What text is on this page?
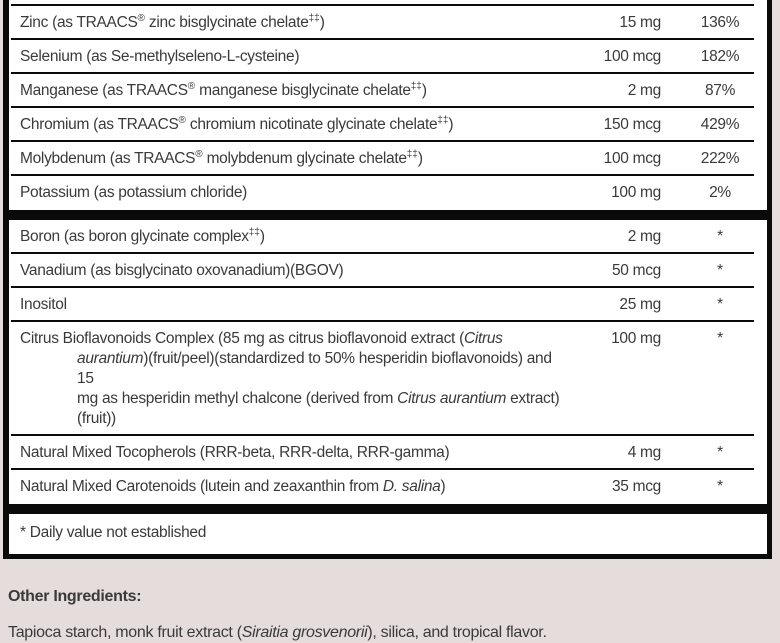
Zinc (as TRAACS® zinc bisglycinate chelate‡‡)	15 mg	136%
Selenium (as Se-methylseleno-L-cysteine)	100 mcg	182%
Manganese (as TRAACS® manganese bisglycinate chelate‡‡)	2 mg	87%
Chromium (as TRAACS® chromium nicotinate glycinate chelate‡‡)	150 mcg	429%
Molybdenum (as TRAACS® molybdenum glycinate chelate‡‡)	100 mcg	222%
Potassium (as potassium chloride)	100 mg	2%
Boron (as boron glycinate complex‡‡)	2 mg	*
Vanadium (as bisglycinato oxovanadium)(BGOV)	50 mcg	*
Inositol	25 mg	*
Citrus Bioflavonoids Complex (85 mg as citrus bioflavonoid extract (Citrus
aurantium)(fruit/peel)(standardized to 50% hesperidin bioflavonoids) and 15
mg as hesperidin methyl chalcone (derived from Citrus aurantium extract)
(fruit))
100 mg	*
Natural Mixed Tocopherols (RRR-beta, RRR-delta, RRR-gamma)	4 mg	*
Natural Mixed Carotenoids (lutein and zeaxanthin from D. salina)	35 mcg	*
* Daily value not established

Other Ingredients:

Tapioca starch, monk fruit extract (Siraitia grosvenorii), silica, and tropical flavor.
